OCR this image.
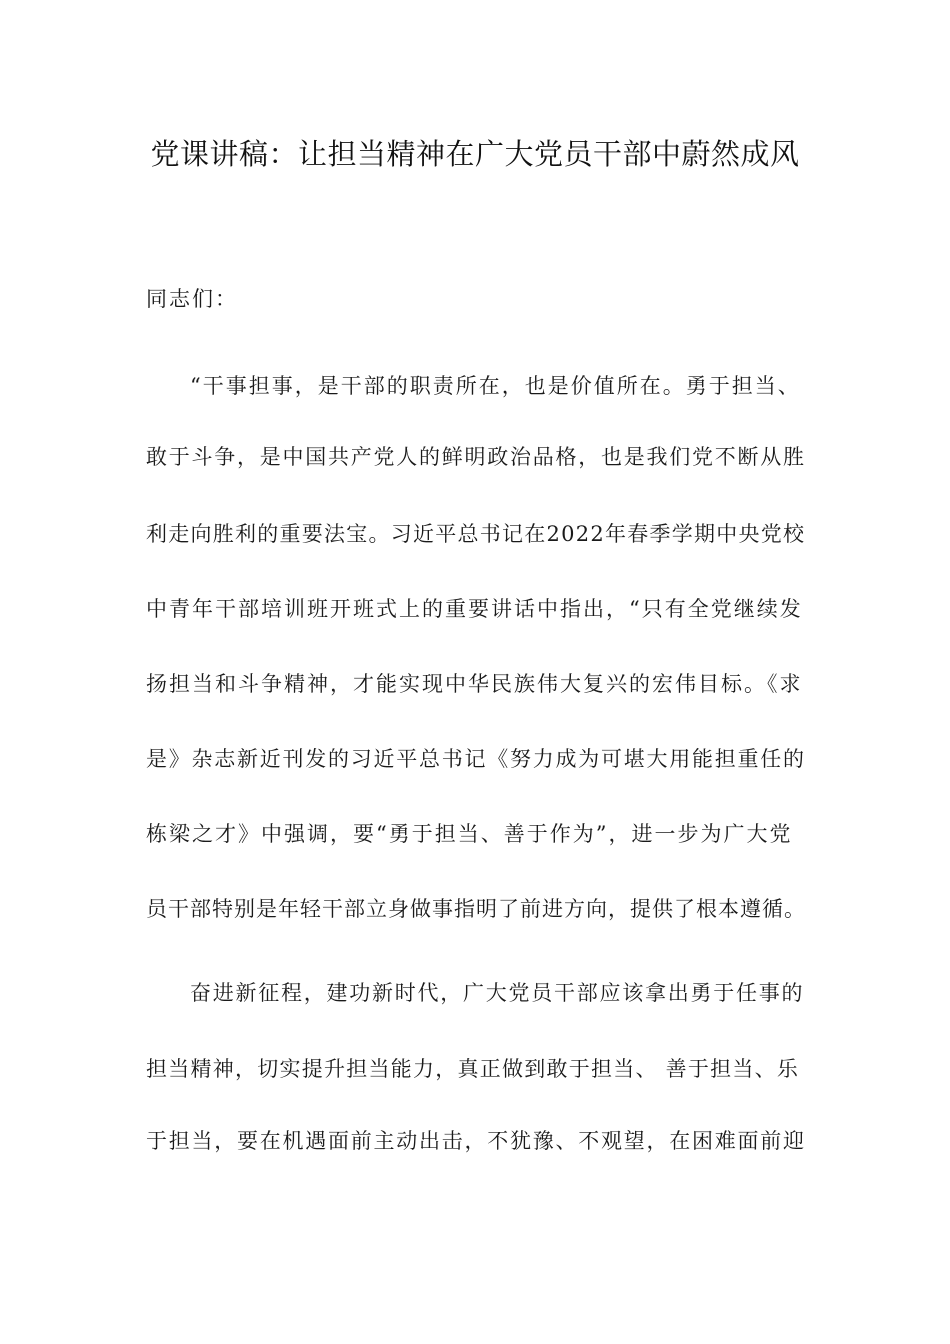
党课讲稿：让担当精神在广大党员干部中蔚然成风
同志们：
“干事担事，是干部的职责所在，也是价值所在。勇于担当、
敢于斗争，是中国共产党人的鲜明政治品格，也是我们党不断从胜
利走向胜利的重要法宝。习近平总书记在2022年春季学期中央党校
中青年干部培训班开班式上的重要讲话中指出，“只有全党继续发
扬担当和斗争精神，才能实现中华民族伟大复兴的宏伟目标。《求
是》杂志新近刊发的习近平总书记《努力成为可堪大用能担重任的
栋梁之才》中强调，要“勇于担当、善于作为”，进一步为广大党
员干部特别是年轻干部立身做事指明了前进方向，提供了根本遵循。
奋进新征程，建功新时代，广大党员干部应该拿出勇于任事的
担当精神，切实提升担当能力，真正做到敢于担当、 善于担当、乐
于担当，要在机遇面前主动出击，不犹豫、不观望，在困难面前迎
